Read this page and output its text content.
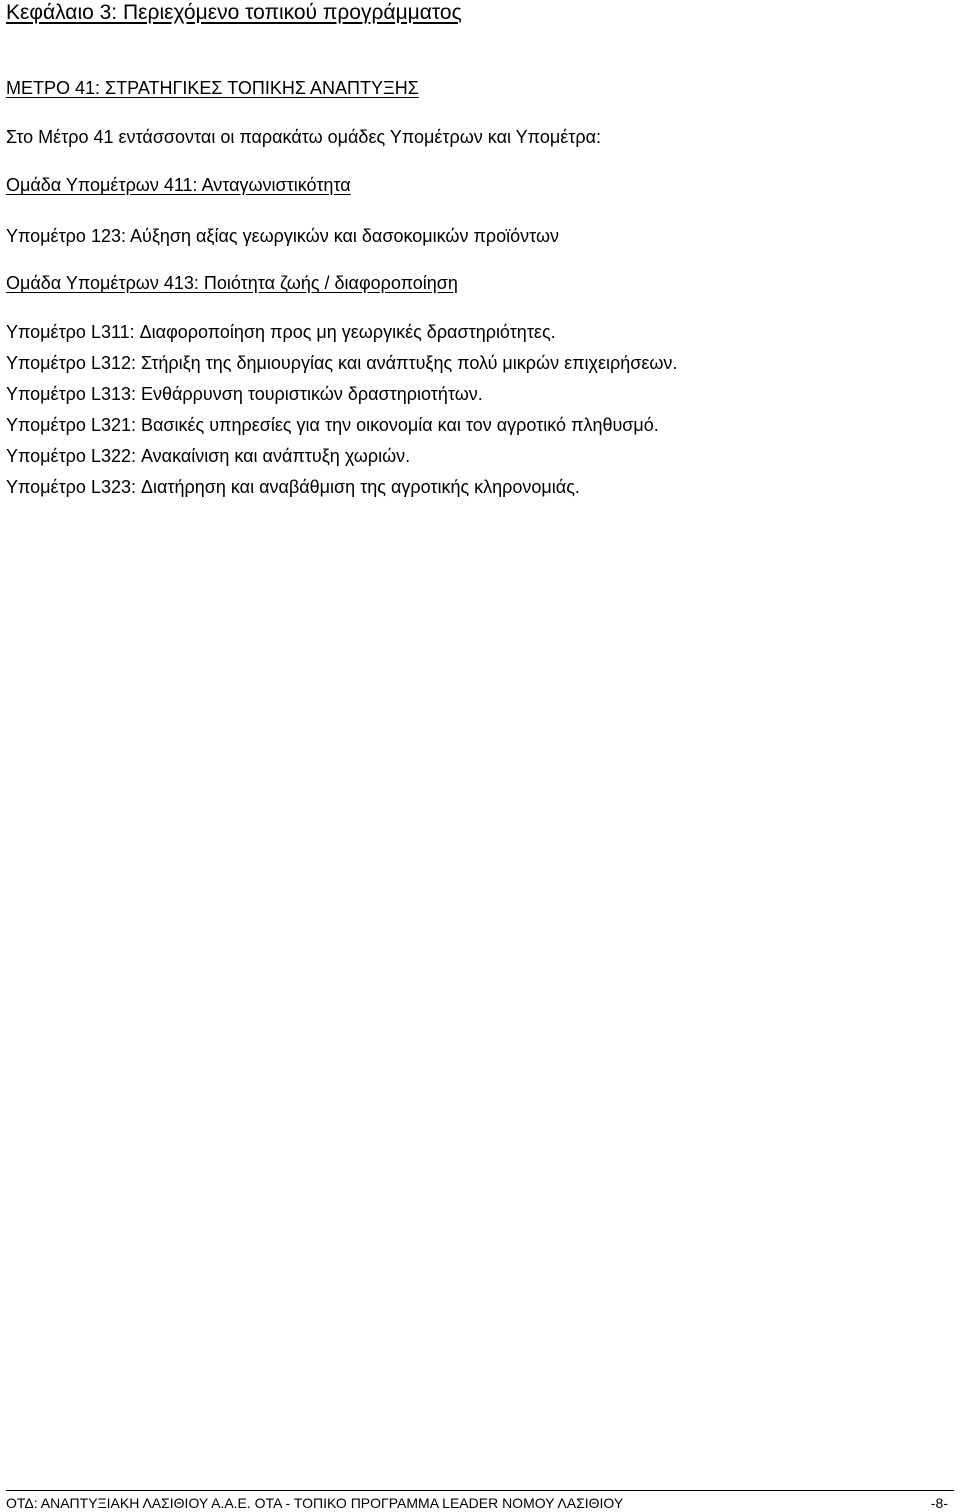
Κεφάλαιο 3: Περιεχόμενο τοπικού προγράμματος
ΜΕΤΡΟ 41: ΣΤΡΑΤΗΓΙΚΕΣ ΤΟΠΙΚΗΣ ΑΝΑΠΤΥΞΗΣ
Στο Μέτρο 41 εντάσσονται οι παρακάτω ομάδες Υπομέτρων και Υπομέτρα:
Ομάδα Υπομέτρων 411: Ανταγωνιστικότητα
Υπομέτρο 123: Αύξηση αξίας γεωργικών και δασοκομικών προϊόντων
Ομάδα Υπομέτρων 413: Ποιότητα ζωής / διαφοροποίηση
Υπομέτρο L311: Διαφοροποίηση προς μη γεωργικές δραστηριότητες.
Υπομέτρο L312: Στήριξη της δημιουργίας και ανάπτυξης πολύ μικρών επιχειρήσεων.
Υπομέτρο L313: Ενθάρρυνση τουριστικών δραστηριοτήτων.
Υπομέτρο L321: Βασικές υπηρεσίες για την οικονομία και τον αγροτικό πληθυσμό.
Υπομέτρο L322: Ανακαίνιση και ανάπτυξη χωριών.
Υπομέτρο L323: Διατήρηση και αναβάθμιση της αγροτικής κληρονομιάς.
ΟΤΔ: ΑΝΑΠΤΥΞΙΑΚΗ ΛΑΣΙΘΙΟΥ Α.Α.Ε. ΟΤΑ - ΤΟΠΙΚΟ ΠΡΟΓΡΑΜΜΑ LEADER ΝΟΜΟΥ ΛΑΣΙΘΙΟΥ	-8-
